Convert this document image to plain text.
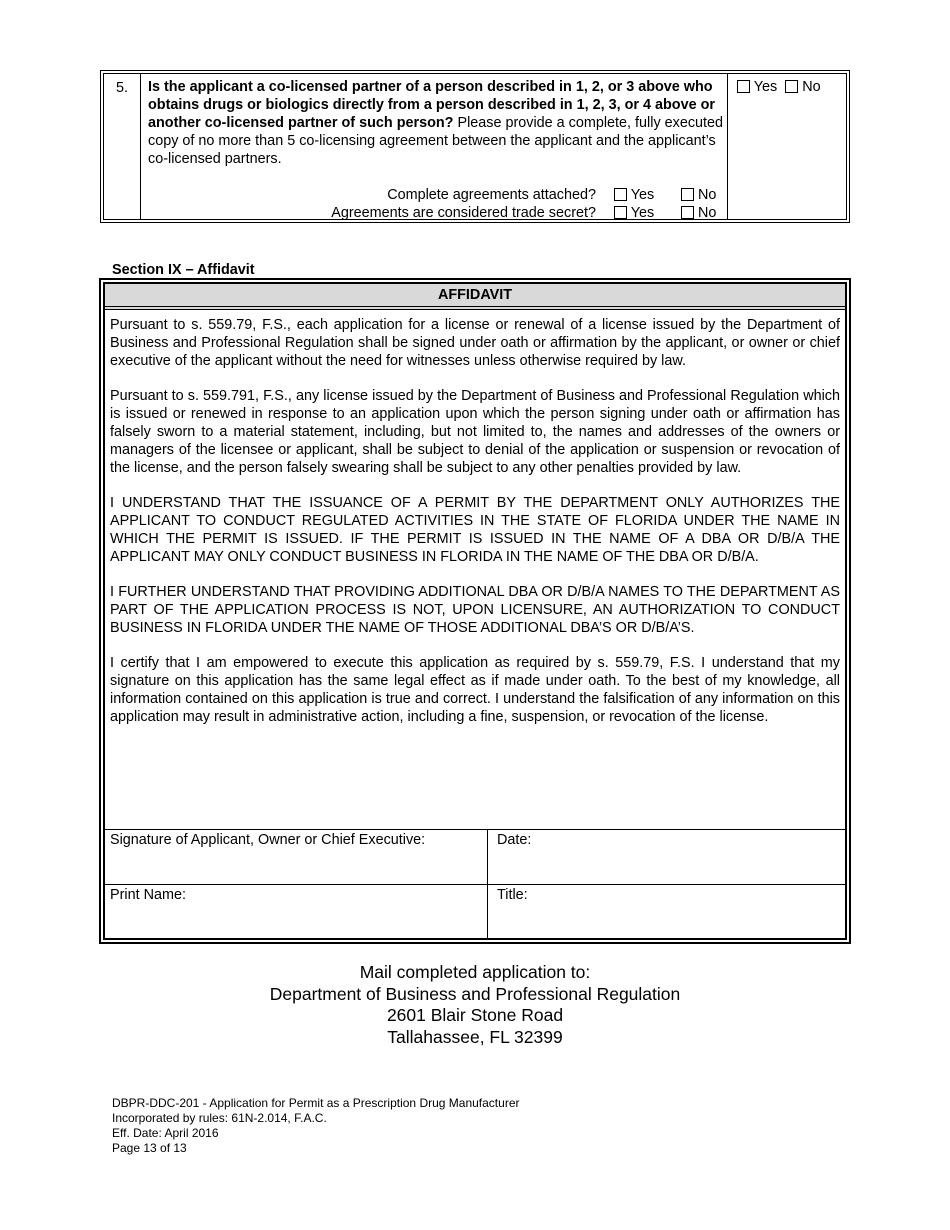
5. Is the applicant a co-licensed partner of a person described in 1, 2, or 3 above who obtains drugs or biologics directly from a person described in 1, 2, 3, or 4 above or another co-licensed partner of such person? Please provide a complete, fully executed copy of no more than 5 co-licensing agreement between the applicant and the applicant’s co-licensed partners.
Yes No
Complete agreements attached?	Yes	No
Agreements are considered trade secret?	Yes	No
Section IX – Affidavit
AFFIDAVIT

Pursuant to s. 559.79, F.S., each application for a license or renewal of a license issued by the Department of Business and Professional Regulation shall be signed under oath or affirmation by the applicant, or owner or chief executive of the applicant without the need for witnesses unless otherwise required by law.

Pursuant to s. 559.791, F.S., any license issued by the Department of Business and Professional Regulation which is issued or renewed in response to an application upon which the person signing under oath or affirmation has falsely sworn to a material statement, including, but not limited to, the names and addresses of the owners or managers of the licensee or applicant, shall be subject to denial of the application or suspension or revocation of the license, and the person falsely swearing shall be subject to any other penalties provided by law.

I UNDERSTAND THAT THE ISSUANCE OF A PERMIT BY THE DEPARTMENT ONLY AUTHORIZES THE APPLICANT TO CONDUCT REGULATED ACTIVITIES IN THE STATE OF FLORIDA UNDER THE NAME IN WHICH THE PERMIT IS ISSUED. IF THE PERMIT IS ISSUED IN THE NAME OF A DBA OR D/B/A THE APPLICANT MAY ONLY CONDUCT BUSINESS IN FLORIDA IN THE NAME OF THE DBA OR D/B/A.

I FURTHER UNDERSTAND THAT PROVIDING ADDITIONAL DBA OR D/B/A NAMES TO THE DEPARTMENT AS PART OF THE APPLICATION PROCESS IS NOT, UPON LICENSURE, AN AUTHORIZATION TO CONDUCT BUSINESS IN FLORIDA UNDER THE NAME OF THOSE ADDITIONAL DBA’S OR D/B/A’S.

I certify that I am empowered to execute this application as required by s. 559.79, F.S. I understand that my signature on this application has the same legal effect as if made under oath. To the best of my knowledge, all information contained on this application is true and correct. I understand the falsification of any information on this application may result in administrative action, including a fine, suspension, or revocation of the license.

Signature of Applicant, Owner or Chief Executive:	Date:
Print Name:	Title:
Mail completed application to:
Department of Business and Professional Regulation
2601 Blair Stone Road
Tallahassee, FL 32399
DBPR-DDC-201 - Application for Permit as a Prescription Drug Manufacturer
Incorporated by rules: 61N-2.014, F.A.C.
Eff. Date: April 2016
Page 13 of 13
